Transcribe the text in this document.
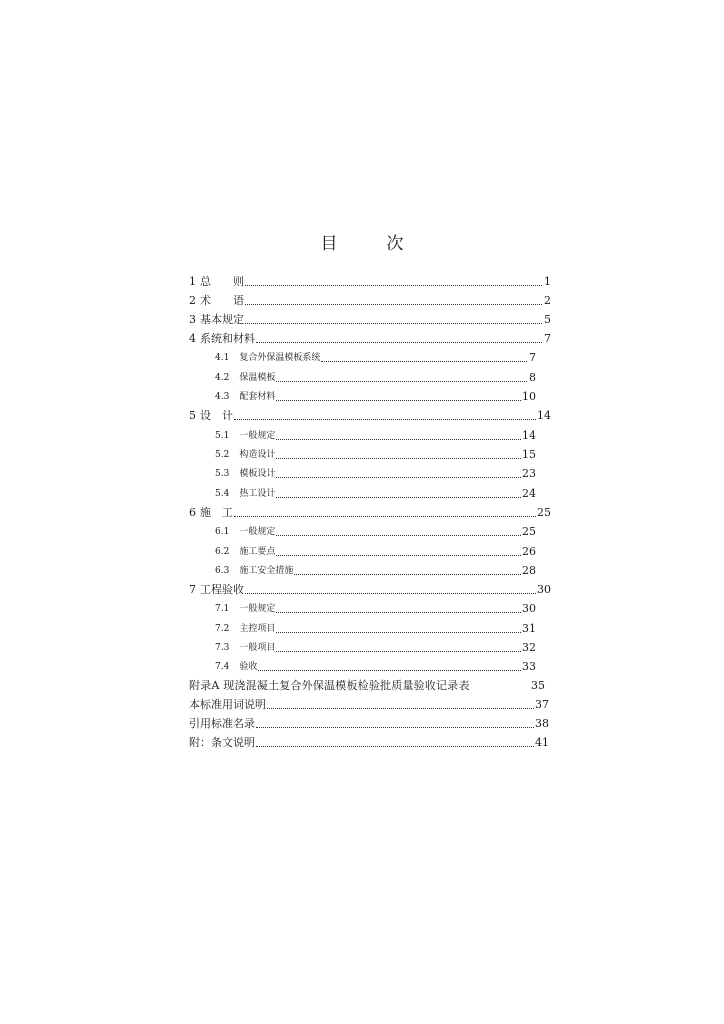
目　次
1 总　　则	1
2 术　　语	2
3 基本规定	5
4 系统和材料	7
4.1 复合外保温模板系统	7
4.2 保温模板	8
4.3 配套材料	10
5 设　计	14
5.1 一般规定	14
5.2 构造设计	15
5.3 模板设计	23
5.4 热工设计	24
6 施　工	25
6.1 一般规定	25
6.2 施工要点	26
6.3 施工安全措施	28
7 工程验收	30
7.1 一般规定	30
7.2 主控项目	31
7.3 一般项目	32
7.4 验收	33
附录A 现浇混凝土复合外保温模板检验批质量验收记录表	35
本标准用词说明	37
引用标准名录	38
附：条文说明	41
